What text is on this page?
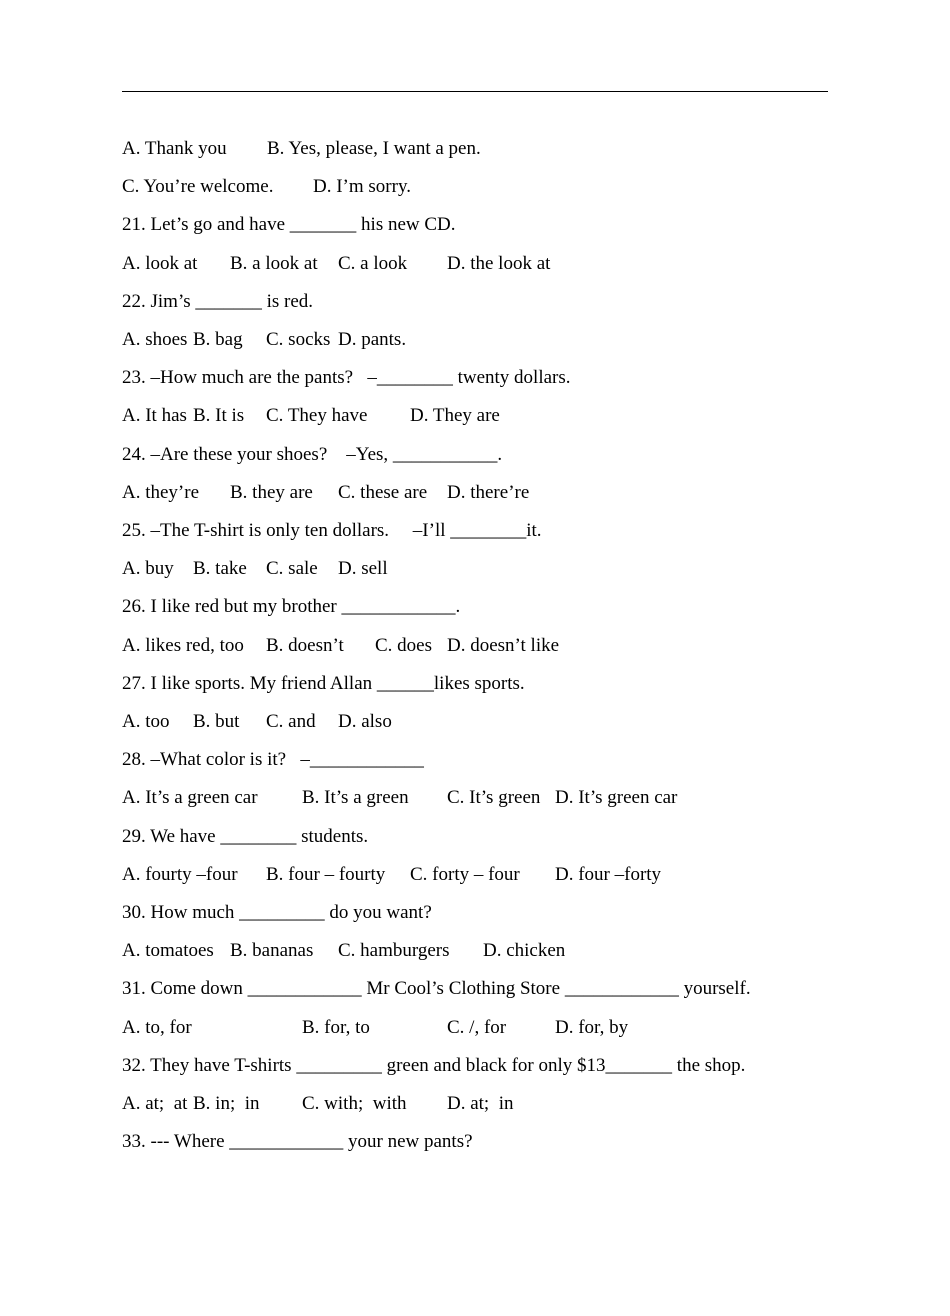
A. Thank you B. Yes, please, I want a pen.
C. You’re welcome. D. I’m sorry.
21. Let’s go and have _______ his new CD.
A. look at B. a look at C. a look D. the look at
22. Jim’s _______ is red.
A. shoes B. bag C. socks D. pants.
23. –How much are the pants?   –________ twenty dollars.
A. It has B. It is C. They have D. They are
24. –Are these your shoes?    –Yes, ___________.
A. they’re B. they are C. these are D. there’re
25. –The T-shirt is only ten dollars.     –I’ll ________it.
A. buy B. take C. sale D. sell
26. I like red but my brother ____________.
A. likes red, too B. doesn’t C. does D. doesn’t like
27. I like sports. My friend Allan ______likes sports.
A. too B. but C. and D. also
28. –What color is it?   –____________
A. It’s a green car B. It’s a green C. It’s green D. It’s green car
29. We have ________ students.
A. fourty –four B. four – fourty C. forty – four D. four –forty
30. How much _________ do you want?
A. tomatoes B. bananas C. hamburgers D. chicken
31. Come down ____________ Mr Cool’s Clothing Store ____________ yourself.
A. to, for	B. for, to	C. /, for	D. for, by
32. They have T-shirts _________ green and black for only $13_______ the shop.
A. at;  at B. in;  in C. with;  with D. at;  in
33. --- Where ____________ your new pants?
